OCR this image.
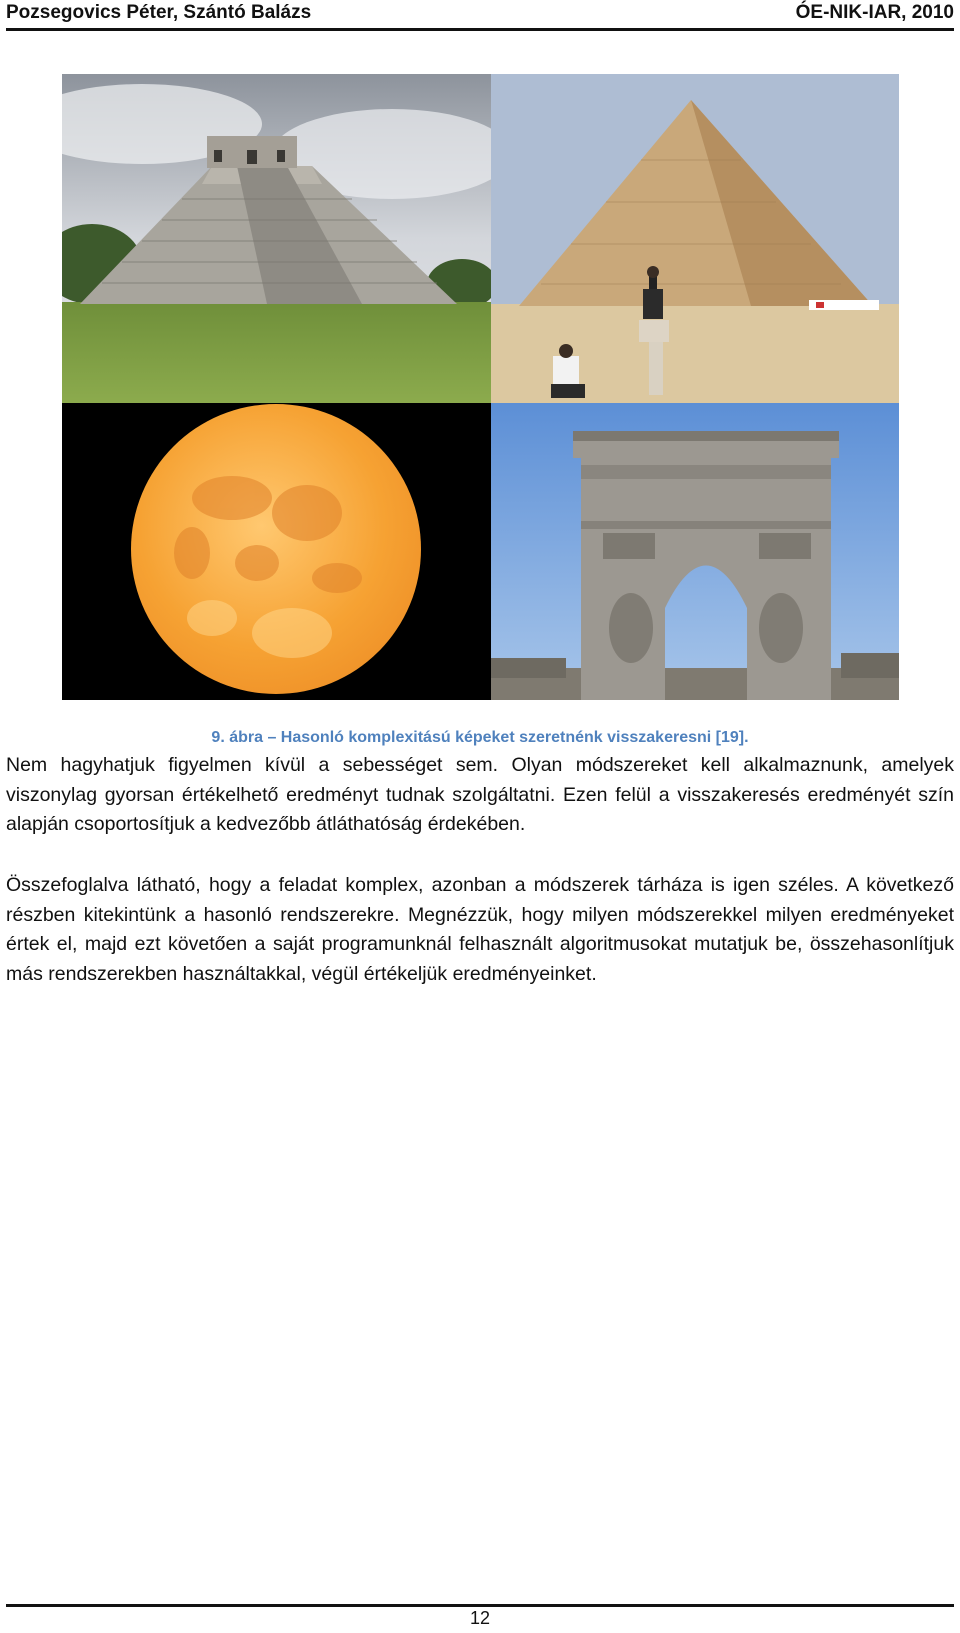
Pozsegovics Péter, Szántó Balázs	ÓE-NIK-IAR, 2010
9. ábra – Hasonló komplexitású képeket szeretnénk visszakeresni [19].

Nem hagyhatjuk figyelmen kívül a sebességet sem. Olyan módszereket kell alkalmaznunk, amelyek viszonylag gyorsan értékelhető eredményt tudnak szolgáltatni. Ezen felül a visszakeresés eredményét szín alapján csoportosítjuk a kedvezőbb átláthatóság érdekében.

Összefoglalva látható, hogy a feladat komplex, azonban a módszerek tárháza is igen széles. A következő részben kitekintünk a hasonló rendszerekre. Megnézzük, hogy milyen módszerekkel milyen eredményeket értek el, majd ezt követően a saját programunknál felhasznált algoritmusokat mutatjuk be, összehasonlítjuk más rendszerekben használtakkal, végül értékeljük eredményeinket.

12
